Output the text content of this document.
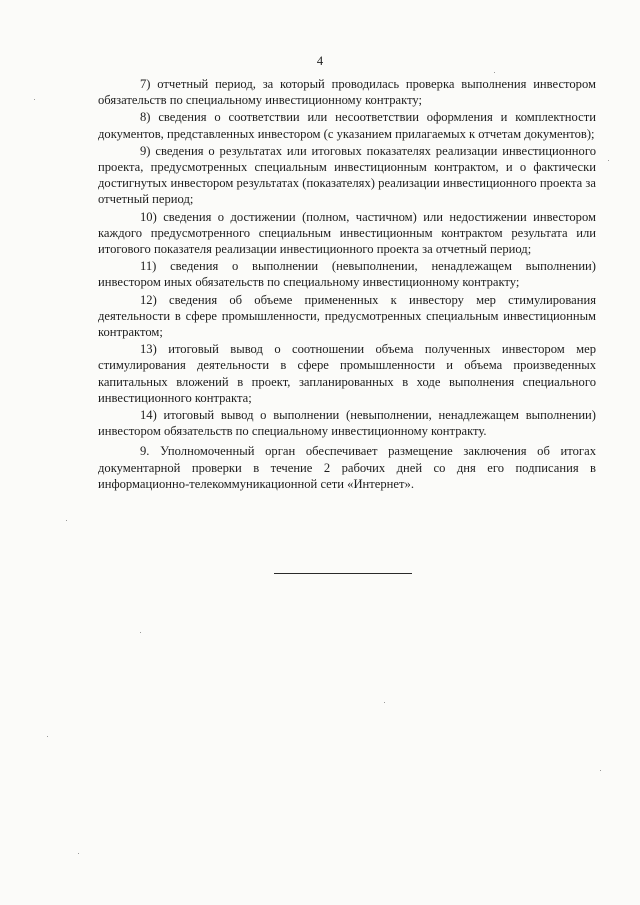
4

7) отчетный период, за который проводилась проверка выполнения инвестором обязательств по специальному инвестиционному контракту;

8) сведения о соответствии или несоответствии оформления и комплектности документов, представленных инвестором (с указанием прилагаемых к отчетам документов);

9) сведения о результатах или итоговых показателях реализации инвестиционного проекта, предусмотренных специальным инвестиционным контрактом, и о фактически достигнутых инвестором результатах (показателях) реализации инвестиционного проекта за отчетный период;

10) сведения о достижении (полном, частичном) или недостижении инвестором каждого предусмотренного специальным инвестиционным контрактом результата или итогового показателя реализации инвестиционного проекта за отчетный период;

11) сведения о выполнении (невыполнении, ненадлежащем выполнении) инвестором иных обязательств по специальному инвестиционному контракту;

12) сведения об объеме примененных к инвестору мер стимулирования деятельности в сфере промышленности, предусмотренных специальным инвестиционным контрактом;

13) итоговый вывод о соотношении объема полученных инвестором мер стимулирования деятельности в сфере промышленности и объема произведенных капитальных вложений в проект, запланированных в ходе выполнения специального инвестиционного контракта;

14) итоговый вывод о выполнении (невыполнении, ненадлежащем выполнении) инвестором обязательств по специальному инвестиционному контракту.

9. Уполномоченный орган обеспечивает размещение заключения об итогах документарной проверки в течение 2 рабочих дней со дня его подписания в информационно-телекоммуникационной сети «Интернет».
